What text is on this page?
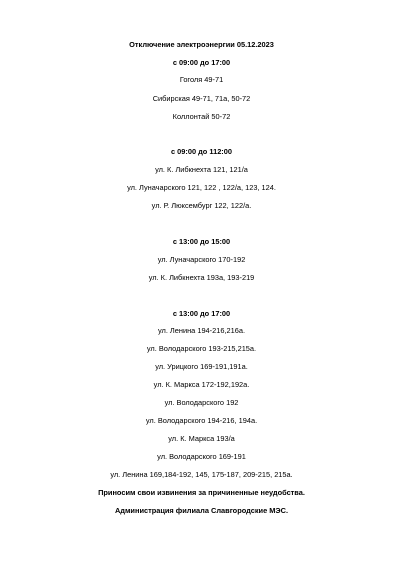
Отключение электроэнергии 05.12.2023
с 09:00 до 17:00
Гоголя 49-71
Сибирская 49-71, 71а, 50-72
Коллонтай 50-72
с 09:00 до 112:00
ул. К. Либкнехта 121, 121/а
ул. Луначарского 121, 122 , 122/а, 123, 124.
ул. Р. Люксембург 122, 122/а.
с 13:00 до 15:00
ул. Луначарского 170-192
ул. К. Либкнехта 193а, 193-219
с 13:00 до 17:00
ул. Ленина 194-216,216а.
ул. Володарского 193-215,215а.
ул. Урицкого 169-191,191а.
ул. К. Маркса 172-192,192а.
ул. Володарского 192
ул. Володарского 194-216, 194а.
ул. К. Маркса 193/а
ул. Володарского 169-191
ул. Ленина 169,184-192, 145, 175-187, 209-215, 215а.
Приносим свои извинения за причиненные неудобства.
Администрация филиала Славгородские МЭС.
